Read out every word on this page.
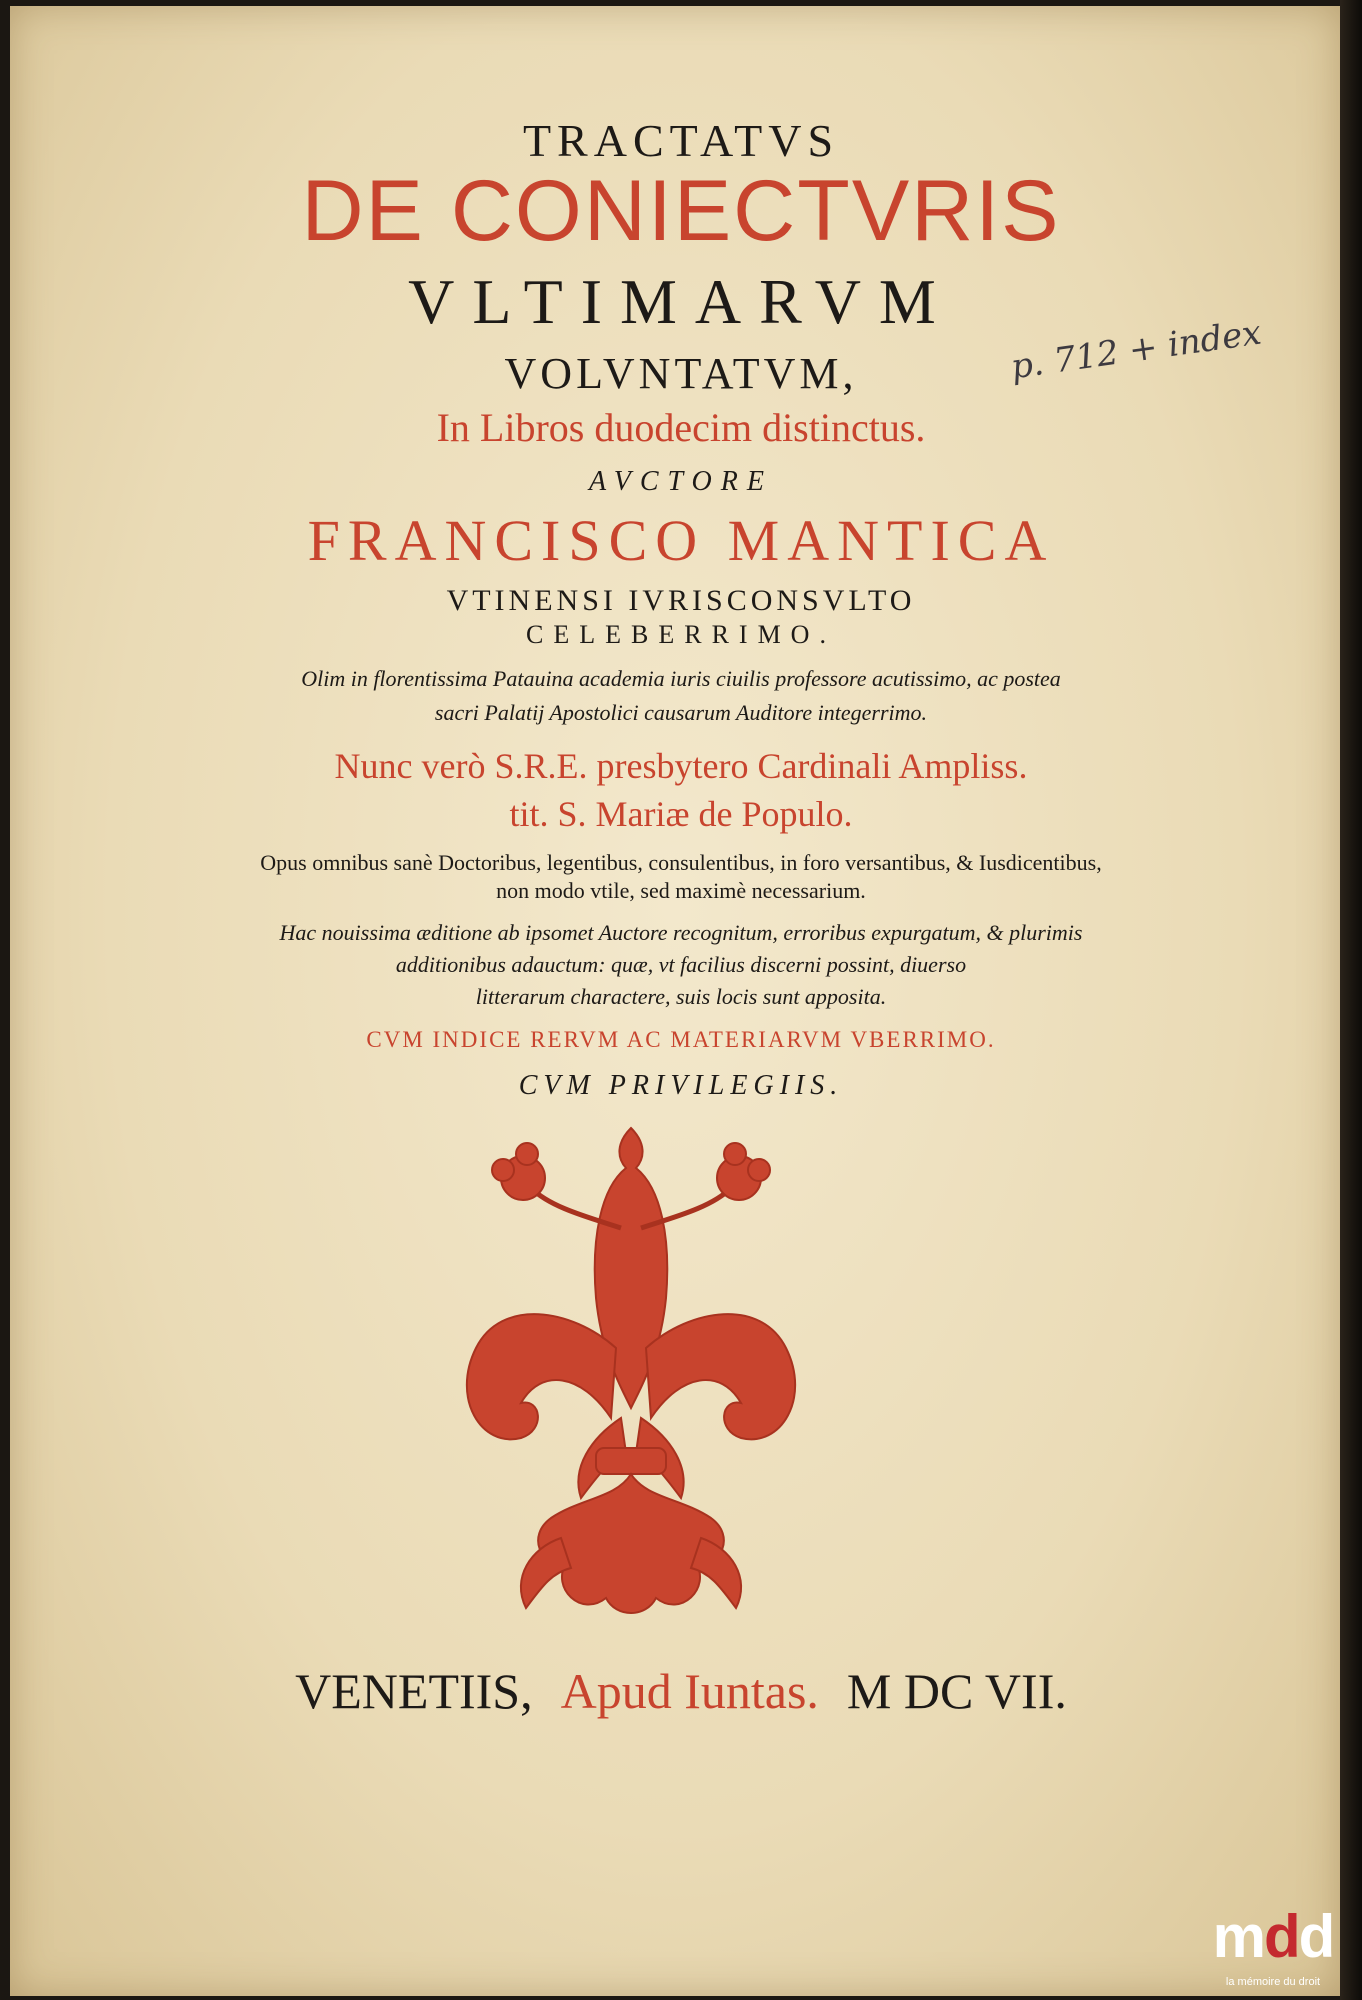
TRACTATVS

DE CONIECTVRIS

VLTIMARVM

VOLVNTATVM,

In Libros duodecim distinctus.

AVCTORE

FRANCISCO MANTICA

VTINENSI IVRISCONSVLTO

CELEBERRIMO.

Olim in florentissima Patauina academia iuris ciuilis professore acutissimo, ac postea

sacri Palatij Apostolici causarum Auditore integerrimo.

Nunc verò S.R.E. presbytero Cardinali Ampliss.

tit. S. Mariæ de Populo.

Opus omnibus sanè Doctoribus, legentibus, consulentibus, in foro versantibus, & Iusdicentibus,

non modo vtile, sed maximè necessarium.

Hac nouissima æditione ab ipsomet Auctore recognitum, erroribus expurgatum, & plurimis

additionibus adauctum: quæ, vt facilius discerni possint, diuerso

litterarum charactere, suis locis sunt apposita.

CVM INDICE RERVM AC MATERIARVM VBERRIMO.

CVM PRIVILEGIIS.

p. 712 + index

VENETIIS, Apud Iuntas. M DC VII.

mdd
la mémoire du droit
